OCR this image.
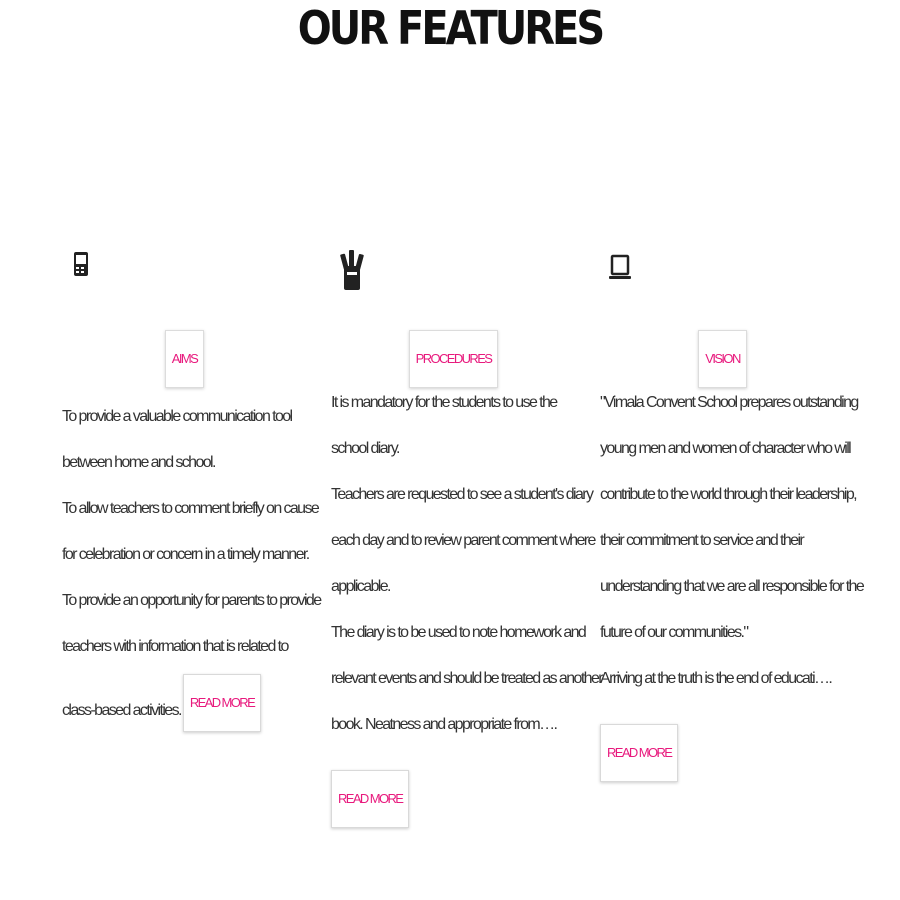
OUR FEATURES
AIMS
To provide a valuable communication tool
between home and school.
To allow teachers to comment briefly on cause
for celebration or concern in a timely manner.
To provide an opportunity for parents to provide
teachers with information that is related to
class-based activities. READ MORE
PROCEDURES
It is mandatory for the students to use the
school diary.
Teachers are requested to see a student's diary
each day and to review parent comment where
applicable.
The diary is to be used to note homework and
relevant events and should be treated as another
book. Neatness and appropriate from….
READ MORE
VISION
"Vimala Convent School prepares outstanding
young men and women of character who will
contribute to the world through their leadership,
their commitment to service and their
understanding that we are all responsible for the
future of our communities."
Arriving at the truth is the end of educati….
READ MORE
